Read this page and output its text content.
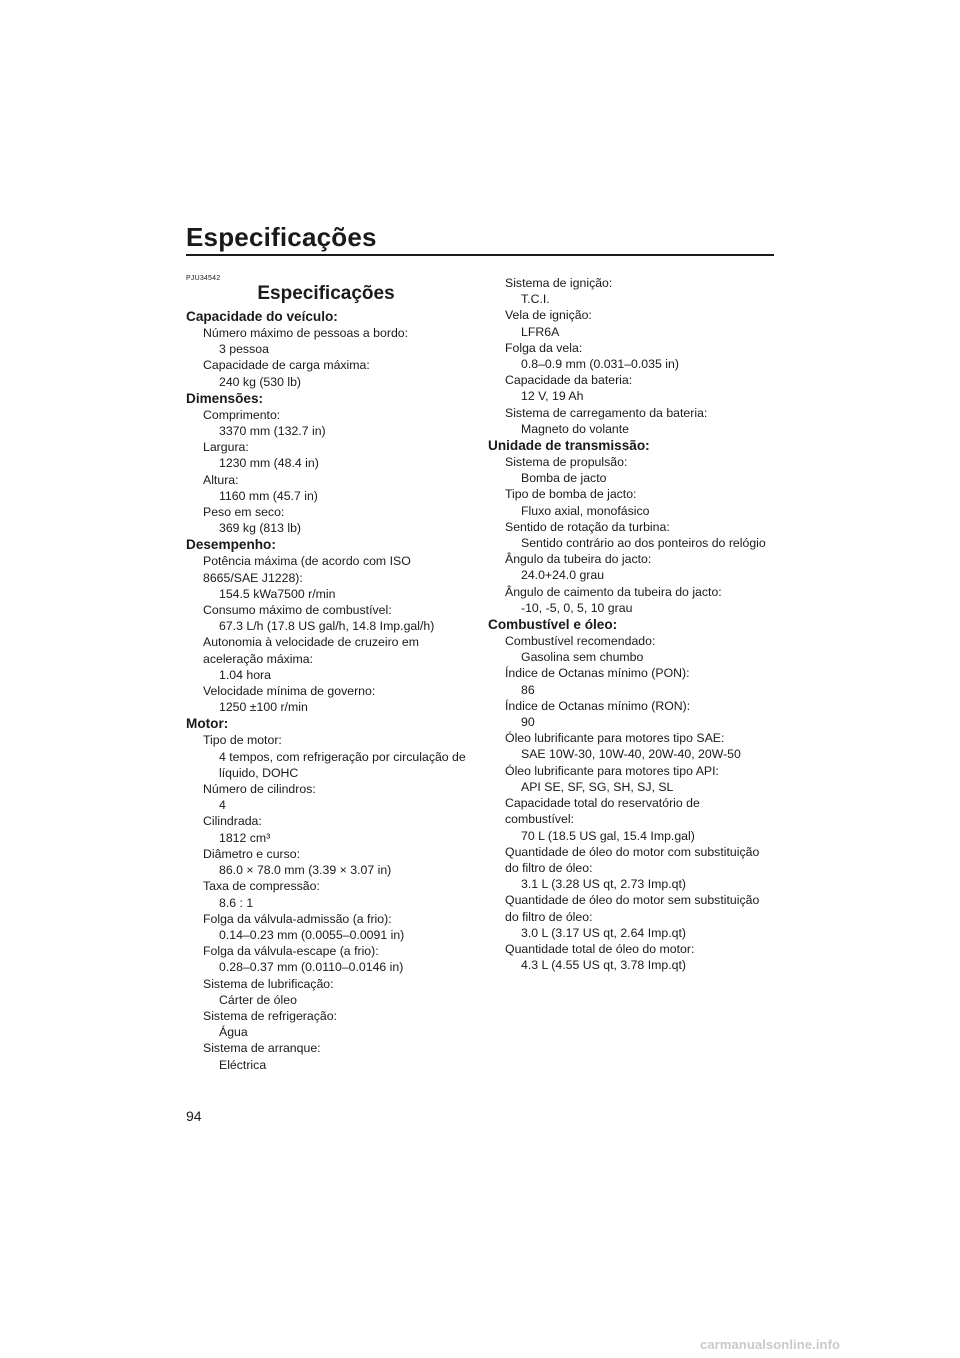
Especificações
PJU34542
Especificações
Capacidade do veículo:
Número máximo de pessoas a bordo:
3 pessoa
Capacidade de carga máxima:
240 kg (530 lb)
Dimensões:
Comprimento:
3370 mm (132.7 in)
Largura:
1230 mm (48.4 in)
Altura:
1160 mm (45.7 in)
Peso em seco:
369 kg (813 lb)
Desempenho:
Potência máxima (de acordo com ISO
8665/SAE J1228):
154.5 kWa7500 r/min
Consumo máximo de combustível:
67.3 L/h (17.8 US gal/h, 14.8 Imp.gal/h)
Autonomia à velocidade de cruzeiro em
aceleração máxima:
1.04 hora
Velocidade mínima de governo:
1250 ±100 r/min
Motor:
Tipo de motor:
4 tempos, com refrigeração por circulação de
líquido, DOHC
Número de cilindros:
4
Cilindrada:
1812 cm³
Diâmetro e curso:
86.0 × 78.0 mm (3.39 × 3.07 in)
Taxa de compressão:
8.6 : 1
Folga da válvula-admissão (a frio):
0.14–0.23 mm (0.0055–0.0091 in)
Folga da válvula-escape (a frio):
0.28–0.37 mm (0.0110–0.0146 in)
Sistema de lubrificação:
Cárter de óleo
Sistema de refrigeração:
Água
Sistema de arranque:
Eléctrica
Sistema de ignição:
T.C.I.
Vela de ignição:
LFR6A
Folga da vela:
0.8–0.9 mm (0.031–0.035 in)
Capacidade da bateria:
12 V, 19 Ah
Sistema de carregamento da bateria:
Magneto do volante
Unidade de transmissão:
Sistema de propulsão:
Bomba de jacto
Tipo de bomba de jacto:
Fluxo axial, monofásico
Sentido de rotação da turbina:
Sentido contrário ao dos ponteiros do relógio
Ângulo da tubeira do jacto:
24.0+24.0 grau
Ângulo de caimento da tubeira do jacto:
-10, -5, 0, 5, 10 grau
Combustível e óleo:
Combustível recomendado:
Gasolina sem chumbo
Índice de Octanas mínimo (PON):
86
Índice de Octanas mínimo (RON):
90
Óleo lubrificante para motores tipo SAE:
SAE 10W-30, 10W-40, 20W-40, 20W-50
Óleo lubrificante para motores tipo API:
API SE, SF, SG, SH, SJ, SL
Capacidade total do reservatório de
combustível:
70 L (18.5 US gal, 15.4 Imp.gal)
Quantidade de óleo do motor com substituição
do filtro de óleo:
3.1 L (3.28 US qt, 2.73 Imp.qt)
Quantidade de óleo do motor sem substituição
do filtro de óleo:
3.0 L (3.17 US qt, 2.64 Imp.qt)
Quantidade total de óleo do motor:
4.3 L (4.55 US qt, 3.78 Imp.qt)
94
carmanualsonline.info
